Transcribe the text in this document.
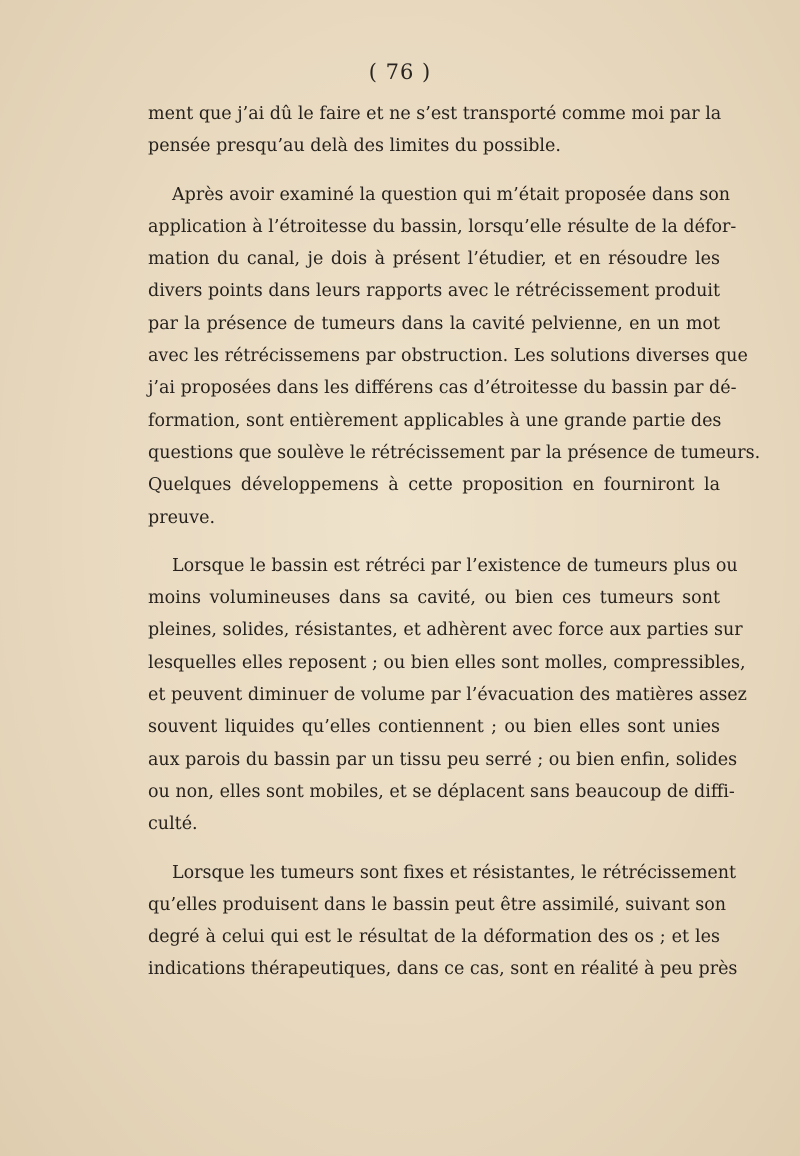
( 76 )
ment que j’ai dû le faire et ne s’est transporté comme moi par la
pensée presqu’au delà des limites du possible.
Après avoir examiné la question qui m’était proposée dans son
application à l’étroitesse du bassin, lorsqu’elle résulte de la défor-
mation du canal, je dois à présent l’étudier, et en résoudre les
divers points dans leurs rapports avec le rétrécissement produit
par la présence de tumeurs dans la cavité pelvienne, en un mot
avec les rétrécissemens par obstruction. Les solutions diverses que
j’ai proposées dans les différens cas d’étroitesse du bassin par dé-
formation, sont entièrement applicables à une grande partie des
questions que soulève le rétrécissement par la présence de tumeurs.
Quelques développemens à cette proposition en fourniront la
preuve.
Lorsque le bassin est rétréci par l’existence de tumeurs plus ou
moins volumineuses dans sa cavité, ou bien ces tumeurs sont
pleines, solides, résistantes, et adhèrent avec force aux parties sur
lesquelles elles reposent ; ou bien elles sont molles, compressibles,
et peuvent diminuer de volume par l’évacuation des matières assez
souvent liquides qu’elles contiennent ; ou bien elles sont unies
aux parois du bassin par un tissu peu serré ; ou bien enfin, solides
ou non, elles sont mobiles, et se déplacent sans beaucoup de diffi-
culté.
Lorsque les tumeurs sont fixes et résistantes, le rétrécissement
qu’elles produisent dans le bassin peut être assimilé, suivant son
degré à celui qui est le résultat de la déformation des os ; et les
indications thérapeutiques, dans ce cas, sont en réalité à peu près
